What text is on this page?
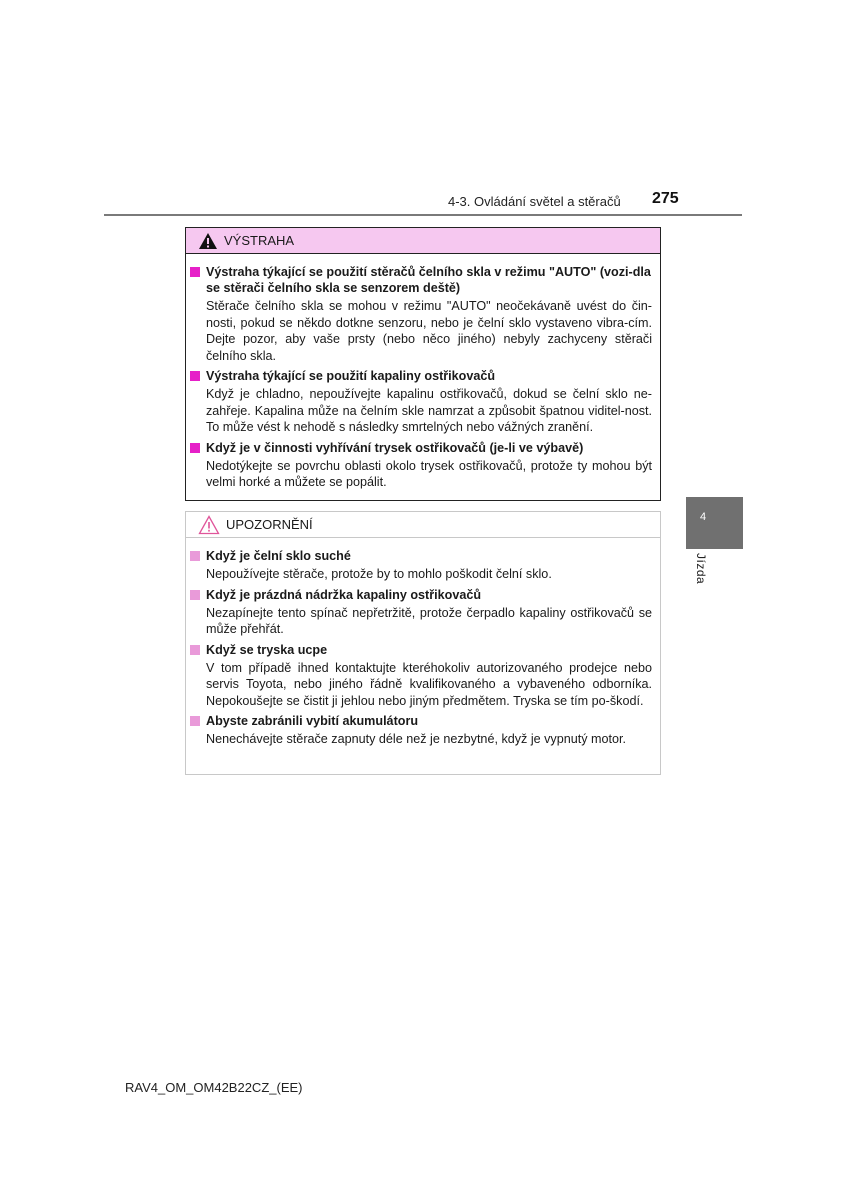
4-3. Ovládání světel a stěračů 275
VÝSTRAHA
Výstraha týkající se použití stěračů čelního skla v režimu "AUTO" (vozi-dla se stěrači čelního skla se senzorem deště)
Stěrače čelního skla se mohou v režimu "AUTO" neočekávaně uvést do čin-nosti, pokud se někdo dotkne senzoru, nebo je čelní sklo vystaveno vibra-cím. Dejte pozor, aby vaše prsty (nebo něco jiného) nebyly zachyceny stěrači čelního skla.
Výstraha týkající se použití kapaliny ostřikovačů
Když je chladno, nepoužívejte kapalinu ostřikovačů, dokud se čelní sklo ne-zahřeje. Kapalina může na čelním skle namrzat a způsobit špatnou viditel-nost. To může vést k nehodě s následky smrtelných nebo vážných zranění.
Když je v činnosti vyhřívání trysek ostřikovačů (je-li ve výbavě)
Nedotýkejte se povrchu oblasti okolo trysek ostřikovačů, protože ty mohou být velmi horké a můžete se popálit.
UPOZORNĚNÍ
Když je čelní sklo suché
Nepoužívejte stěrače, protože by to mohlo poškodit čelní sklo.
Když je prázdná nádržka kapaliny ostřikovačů
Nezapínejte tento spínač nepřetržitě, protože čerpadlo kapaliny ostřikovačů se může přehřát.
Když se tryska ucpe
V tom případě ihned kontaktujte kteréhokoliv autorizovaného prodejce nebo servis Toyota, nebo jiného řádně kvalifikovaného a vybaveného odborníka. Nepokoušejte se čistit ji jehlou nebo jiným předmětem. Tryska se tím po-škodí.
Abyste zabránili vybití akumulátoru
Nenechávejte stěrače zapnuty déle než je nezbytné, když je vypnutý motor.
4
Jízda
RAV4_OM_OM42B22CZ_(EE)
